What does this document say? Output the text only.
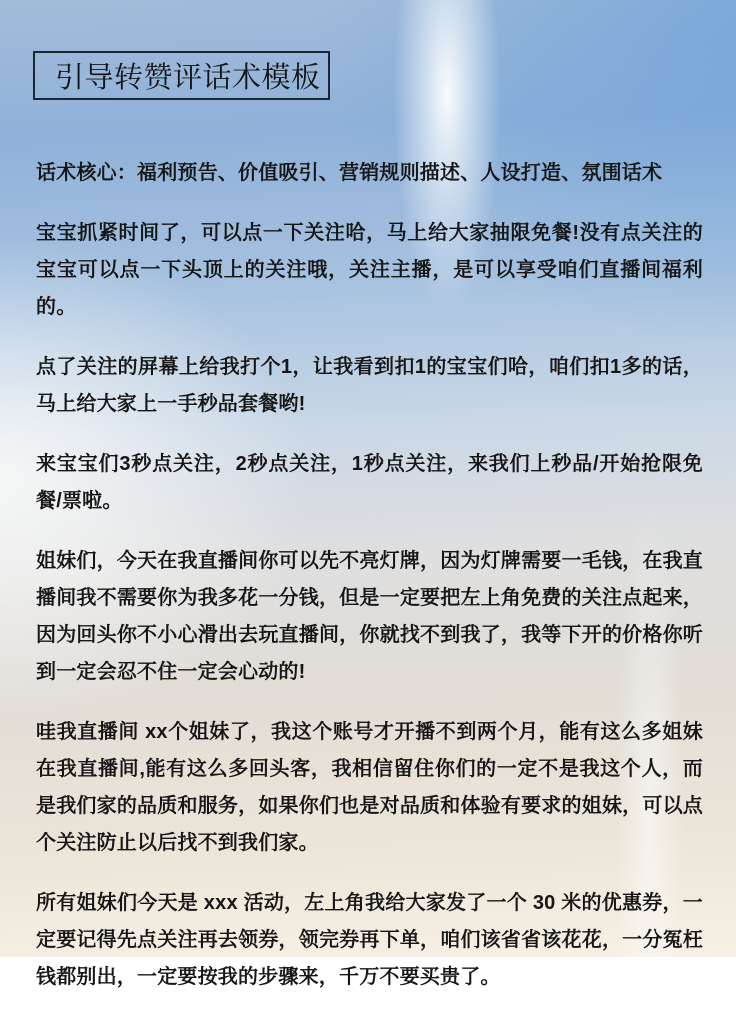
引导转赞评话术模板

话术核心：福利预告、价值吸引、营销规则描述、人设打造、氛围话术

宝宝抓紧时间了，可以点一下关注哈，马上给大家抽限免餐!没有点关注的宝宝可以点一下头顶上的关注哦，关注主播，是可以享受咱们直播间福利的。

点了关注的屏幕上给我打个1，让我看到扣1的宝宝们哈，咱们扣1多的话，马上给大家上一手秒品套餐哟!

来宝宝们3秒点关注，2秒点关注，1秒点关注，来我们上秒品/开始抢限免餐/票啦。

姐妹们，今天在我直播间你可以先不亮灯牌，因为灯牌需要一毛钱，在我直播间我不需要你为我多花一分钱，但是一定要把左上角免费的关注点起来，因为回头你不小心滑出去玩直播间，你就找不到我了，我等下开的价格你听到一定会忍不住一定会心动的!

哇我直播间 xx个姐妹了，我这个账号才开播不到两个月，能有这么多姐妹在我直播间,能有这么多回头客，我相信留住你们的一定不是我这个人，而是我们家的品质和服务，如果你们也是对品质和体验有要求的姐妹，可以点个关注防止以后找不到我们家。

所有姐妹们今天是 xxx 活动，左上角我给大家发了一个 30 米的优惠券，一定要记得先点关注再去领券，领完券再下单，咱们该省省该花花，一分冤枉钱都别出，一定要按我的步骤来，千万不要买贵了。
